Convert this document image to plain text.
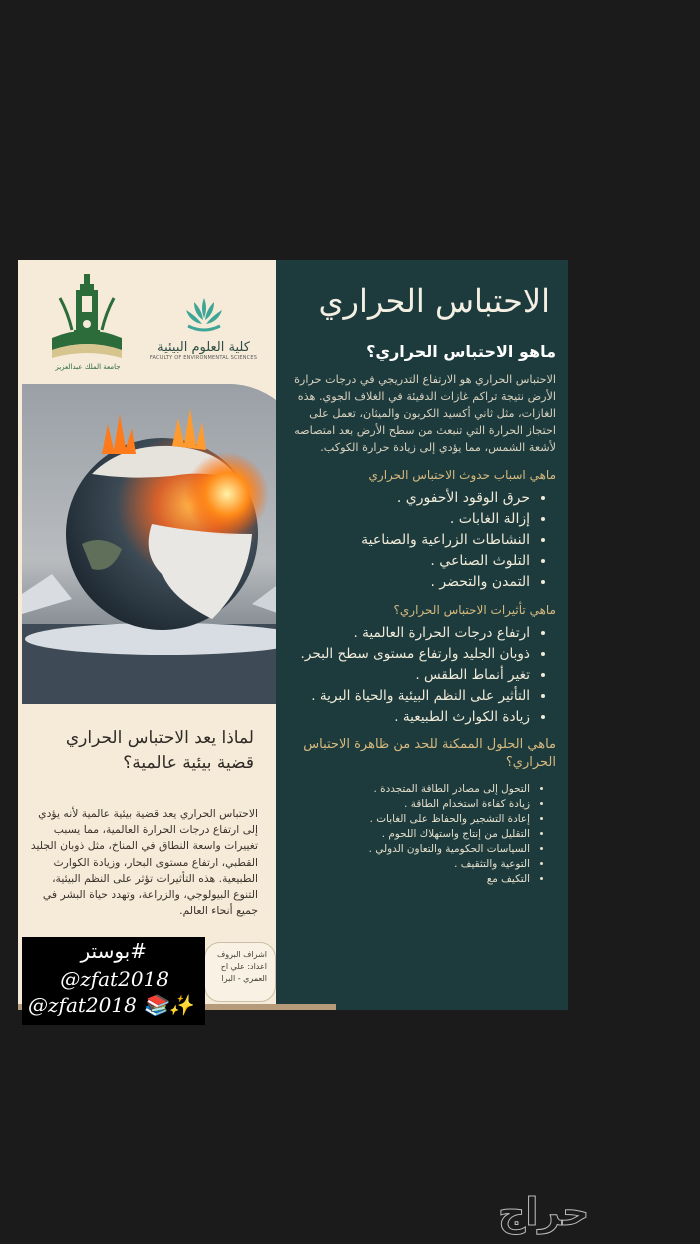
جامعة الملك عبدالعزيز
كلية العلوم البيئية
FACULTY OF ENVIRONMENTAL SCIENCES
لماذا يعد الاحتباس الحراري قضية بيئية عالمية؟
الاحتباس الحراري يعد قضية بيئية عالمية لأنه يؤدي إلى ارتفاع درجات الحرارة العالمية، مما يسبب تغييرات واسعة النطاق في المناخ، مثل ذوبان الجليد القطبي، ارتفاع مستوى البحار، وزيادة الكوارث الطبيعية. هذه التأثيرات تؤثر على النظم البيئية، التنوع البيولوجي، والزراعة، وتهدد حياة البشر في جميع أنحاء العالم.
اشراف البروف
اعداد: علي اح
العمري - البرا
الاحتباس الحراري
ماهو الاحتباس الحراري؟
الاحتباس الحراري هو الارتفاع التدريجي في درجات حرارة الأرض نتيجة تراكم غازات الدفيئة في الغلاف الجوي. هذه الغازات، مثل ثاني أكسيد الكربون والميثان، تعمل على احتجاز الحرارة التي تنبعث من سطح الأرض بعد امتصاصه لأشعة الشمس، مما يؤدي إلى زيادة حرارة الكوكب.
ماهي اسباب حدوث الاحتباس الحراري
• حرق الوقود الأحفوري .
• إزالة الغابات .
• النشاطات الزراعية والصناعية
• التلوث الصناعي .
• التمدن والتحضر .
ماهي تأثيرات الاحتباس الحراري؟
• ارتفاع درجات الحرارة العالمية .
• ذوبان الجليد وارتفاع مستوى سطح البحر.
• تغير أنماط الطقس .
• التأثير على النظم البيئية والحياة البرية .
• زيادة الكوارث الطبيعية .
ماهي الحلول الممكنة للحد من ظاهرة الاحتباس الحراري؟
• التحول إلى مصادر الطاقة المتجددة .
• زيادة كفاءة استخدام الطاقة .
• إعادة التشجير والحفاظ على الغابات .
• التقليل من إنتاج واستهلاك اللحوم .
• السياسات الحكومية والتعاون الدولي .
• التوعية والتثقيف .
• التكيف مع
#بوستر
@zfat2018
@zfat2018 📚✨
حراج
